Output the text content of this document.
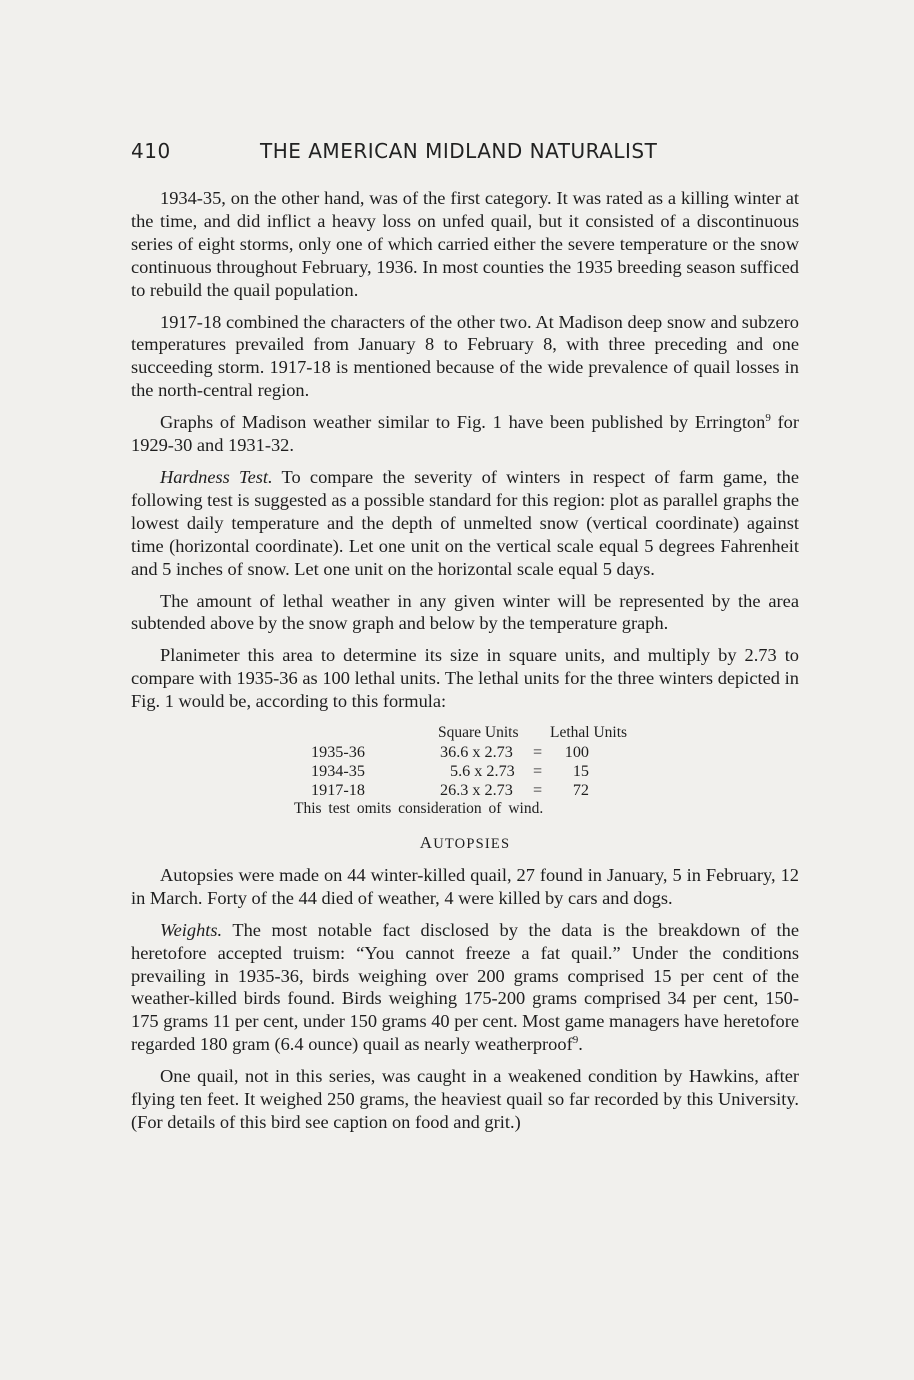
410	THE AMERICAN MIDLAND NATURALIST

1934-35, on the other hand, was of the first category. It was rated as a killing winter at the time, and did inflict a heavy loss on unfed quail, but it consisted of a discontinuous series of eight storms, only one of which carried either the severe temperature or the snow continuous throughout February, 1936. In most counties the 1935 breeding season sufficed to rebuild the quail population.

1917-18 combined the characters of the other two. At Madison deep snow and subzero temperatures prevailed from January 8 to February 8, with three preceding and one succeeding storm. 1917-18 is mentioned because of the wide prevalence of quail losses in the north-central region.

Graphs of Madison weather similar to Fig. 1 have been published by Errington$^9$ for 1929-30 and 1931-32.

Hardness Test. To compare the severity of winters in respect of farm game, the following test is suggested as a possible standard for this region: plot as parallel graphs the lowest daily temperature and the depth of unmelted snow (vertical coordinate) against time (horizontal coordinate). Let one unit on the vertical scale equal 5 degrees Fahrenheit and 5 inches of snow. Let one unit on the horizontal scale equal 5 days.

The amount of lethal weather in any given winter will be represented by the area subtended above by the snow graph and below by the temperature graph.

Planimeter this area to determine its size in square units, and multiply by 2.73 to compare with 1935-36 as 100 lethal units. The lethal units for the three winters depicted in Fig. 1 would be, according to this formula:

Square Units Lethal Units
1935-36	36.6 x 2.73 =	100
1934-35	5.6 x 2.73 =	15
1917-18	26.3 x 2.73 =	72
This test omits consideration of wind.
AUTOPSIES

Autopsies were made on 44 winter-killed quail, 27 found in January, 5 in February, 12 in March. Forty of the 44 died of weather, 4 were killed by cars and dogs.

Weights. The most notable fact disclosed by the data is the breakdown of the heretofore accepted truism: “You cannot freeze a fat quail.” Under the conditions prevailing in 1935-36, birds weighing over 200 grams comprised 15 per cent of the weather-killed birds found. Birds weighing 175-200 grams comprised 34 per cent, 150-175 grams 11 per cent, under 150 grams 40 per cent. Most game managers have heretofore regarded 180 gram (6.4 ounce) quail as nearly weatherproof$^9$.

One quail, not in this series, was caught in a weakened condition by Hawkins, after flying ten feet. It weighed 250 grams, the heaviest quail so far recorded by this University. (For details of this bird see caption on food and grit.)
